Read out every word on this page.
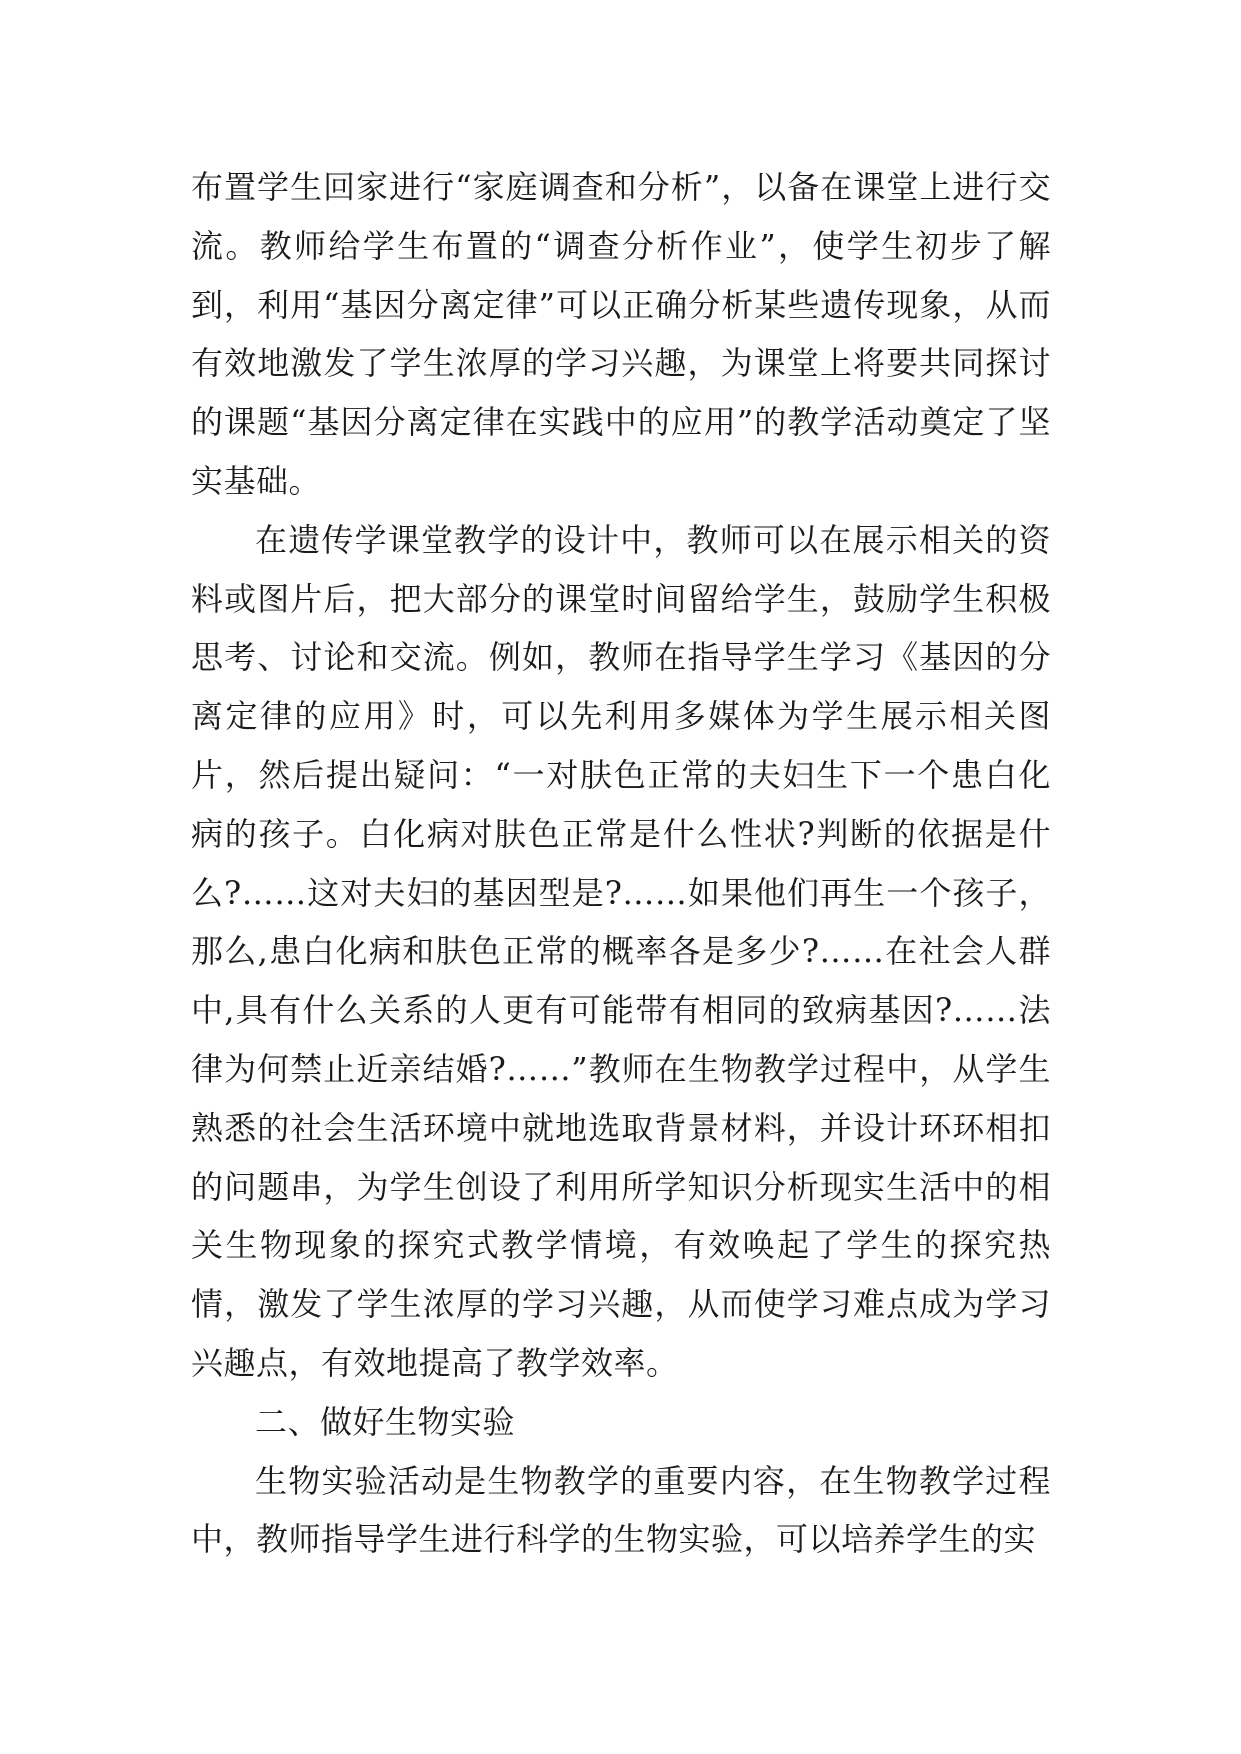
布置学生回家进行“家庭调查和分析”，以备在课堂上进行交流。教师给学生布置的“调查分析作业”，使学生初步了解到，利用“基因分离定律”可以正确分析某些遗传现象，从而有效地激发了学生浓厚的学习兴趣，为课堂上将要共同探讨的课题“基因分离定律在实践中的应用”的教学活动奠定了坚实基础。

在遗传学课堂教学的设计中，教师可以在展示相关的资料或图片后，把大部分的课堂时间留给学生，鼓励学生积极思考、讨论和交流。例如，教师在指导学生学习《基因的分离定律的应用》时，可以先利用多媒体为学生展示相关图片，然后提出疑问：“一对肤色正常的夫妇生下一个患白化病的孩子。白化病对肤色正常是什么性状?判断的依据是什么?……这对夫妇的基因型是?……如果他们再生一个孩子，那么,患白化病和肤色正常的概率各是多少?……在社会人群中,具有什么关系的人更有可能带有相同的致病基因?……法律为何禁止近亲结婚?……”教师在生物教学过程中，从学生熟悉的社会生活环境中就地选取背景材料，并设计环环相扣的问题串，为学生创设了利用所学知识分析现实生活中的相关生物现象的探究式教学情境，有效唤起了学生的探究热情，激发了学生浓厚的学习兴趣，从而使学习难点成为学习兴趣点，有效地提高了教学效率。

二、做好生物实验

生物实验活动是生物教学的重要内容，在生物教学过程中，教师指导学生进行科学的生物实验，可以培养学生的实
